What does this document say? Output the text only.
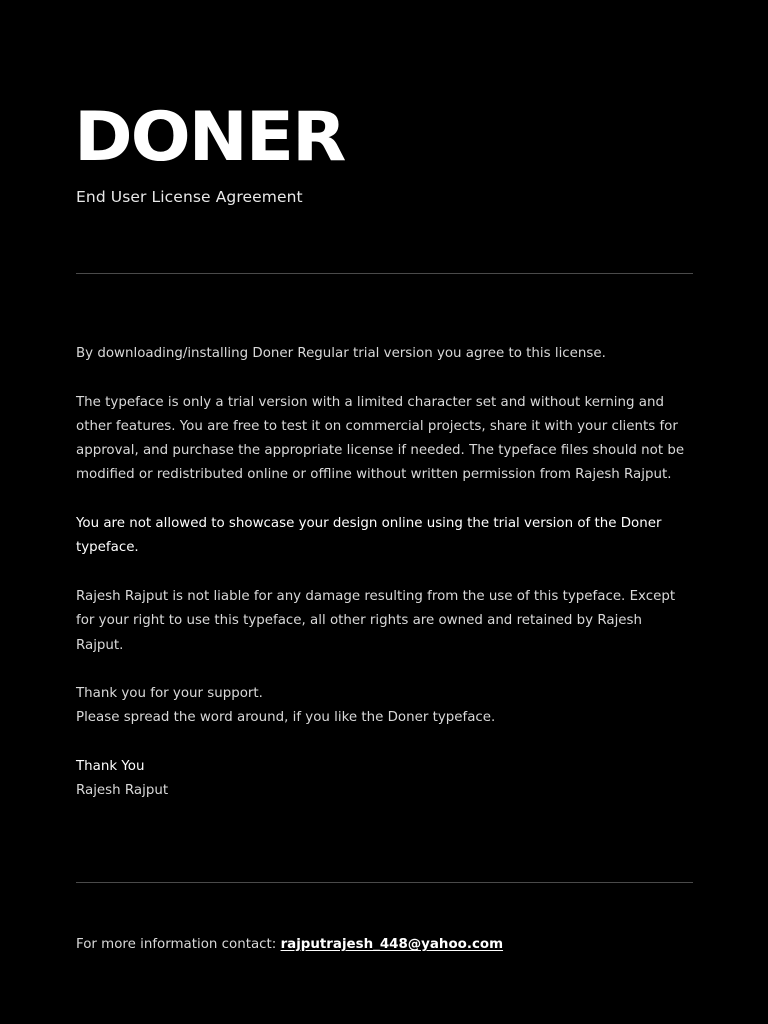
DONER
End User License Agreement

By downloading/installing Doner Regular trial version you agree to this license.

The typeface is only a trial version with a limited character set and without kerning and other features. You are free to test it on commercial projects, share it with your clients for approval, and purchase the appropriate license if needed. The typeface files should not be modified or redistributed online or offline without written permission from Rajesh Rajput.

You are not allowed to showcase your design online using the trial version of the Doner typeface.

Rajesh Rajput is not liable for any damage resulting from the use of this typeface. Except for your right to use this typeface, all other rights are owned and retained by Rajesh Rajput.

Thank you for your support.
Please spread the word around, if you like the Doner typeface.

Thank You
Rajesh Rajput

For more information contact: rajputrajesh_448@yahoo.com
